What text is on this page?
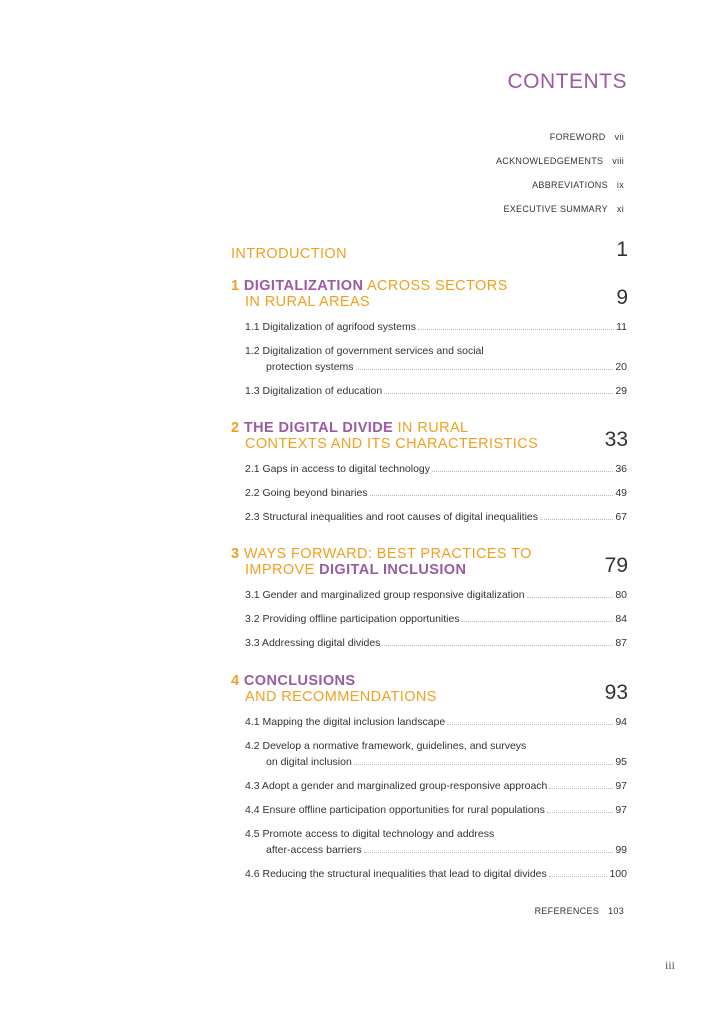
CONTENTS
FOREWORD vii
ACKNOWLEDGEMENTS viii
ABBREVIATIONS ix
EXECUTIVE SUMMARY xi
INTRODUCTION	1
1 DIGITALIZATION ACROSS SECTORS
IN RURAL AREAS	9
1.1 Digitalization of agrifood systems	11
1.2 Digitalization of government services and social
protection systems	20
1.3 Digitalization of education	29
2 THE DIGITAL DIVIDE IN RURAL
CONTEXTS AND ITS CHARACTERISTICS	33
2.1 Gaps in access to digital technology	36
2.2 Going beyond binaries	49
2.3 Structural inequalities and root causes of digital inequalities	67
3 WAYS FORWARD: BEST PRACTICES TO
IMPROVE DIGITAL INCLUSION	79
3.1 Gender and marginalized group responsive digitalization	80
3.2 Providing offline participation opportunities	84
3.3 Addressing digital divides	87
4 CONCLUSIONS
AND RECOMMENDATIONS	93
4.1 Mapping the digital inclusion landscape	94
4.2 Develop a normative framework, guidelines, and surveys
on digital inclusion	95
4.3 Adopt a gender and marginalized group-responsive approach	97
4.4 Ensure offline participation opportunities for rural populations	97
4.5 Promote access to digital technology and address
after-access barriers	99
4.6 Reducing the structural inequalities that lead to digital divides	100
REFERENCES 103
iii
